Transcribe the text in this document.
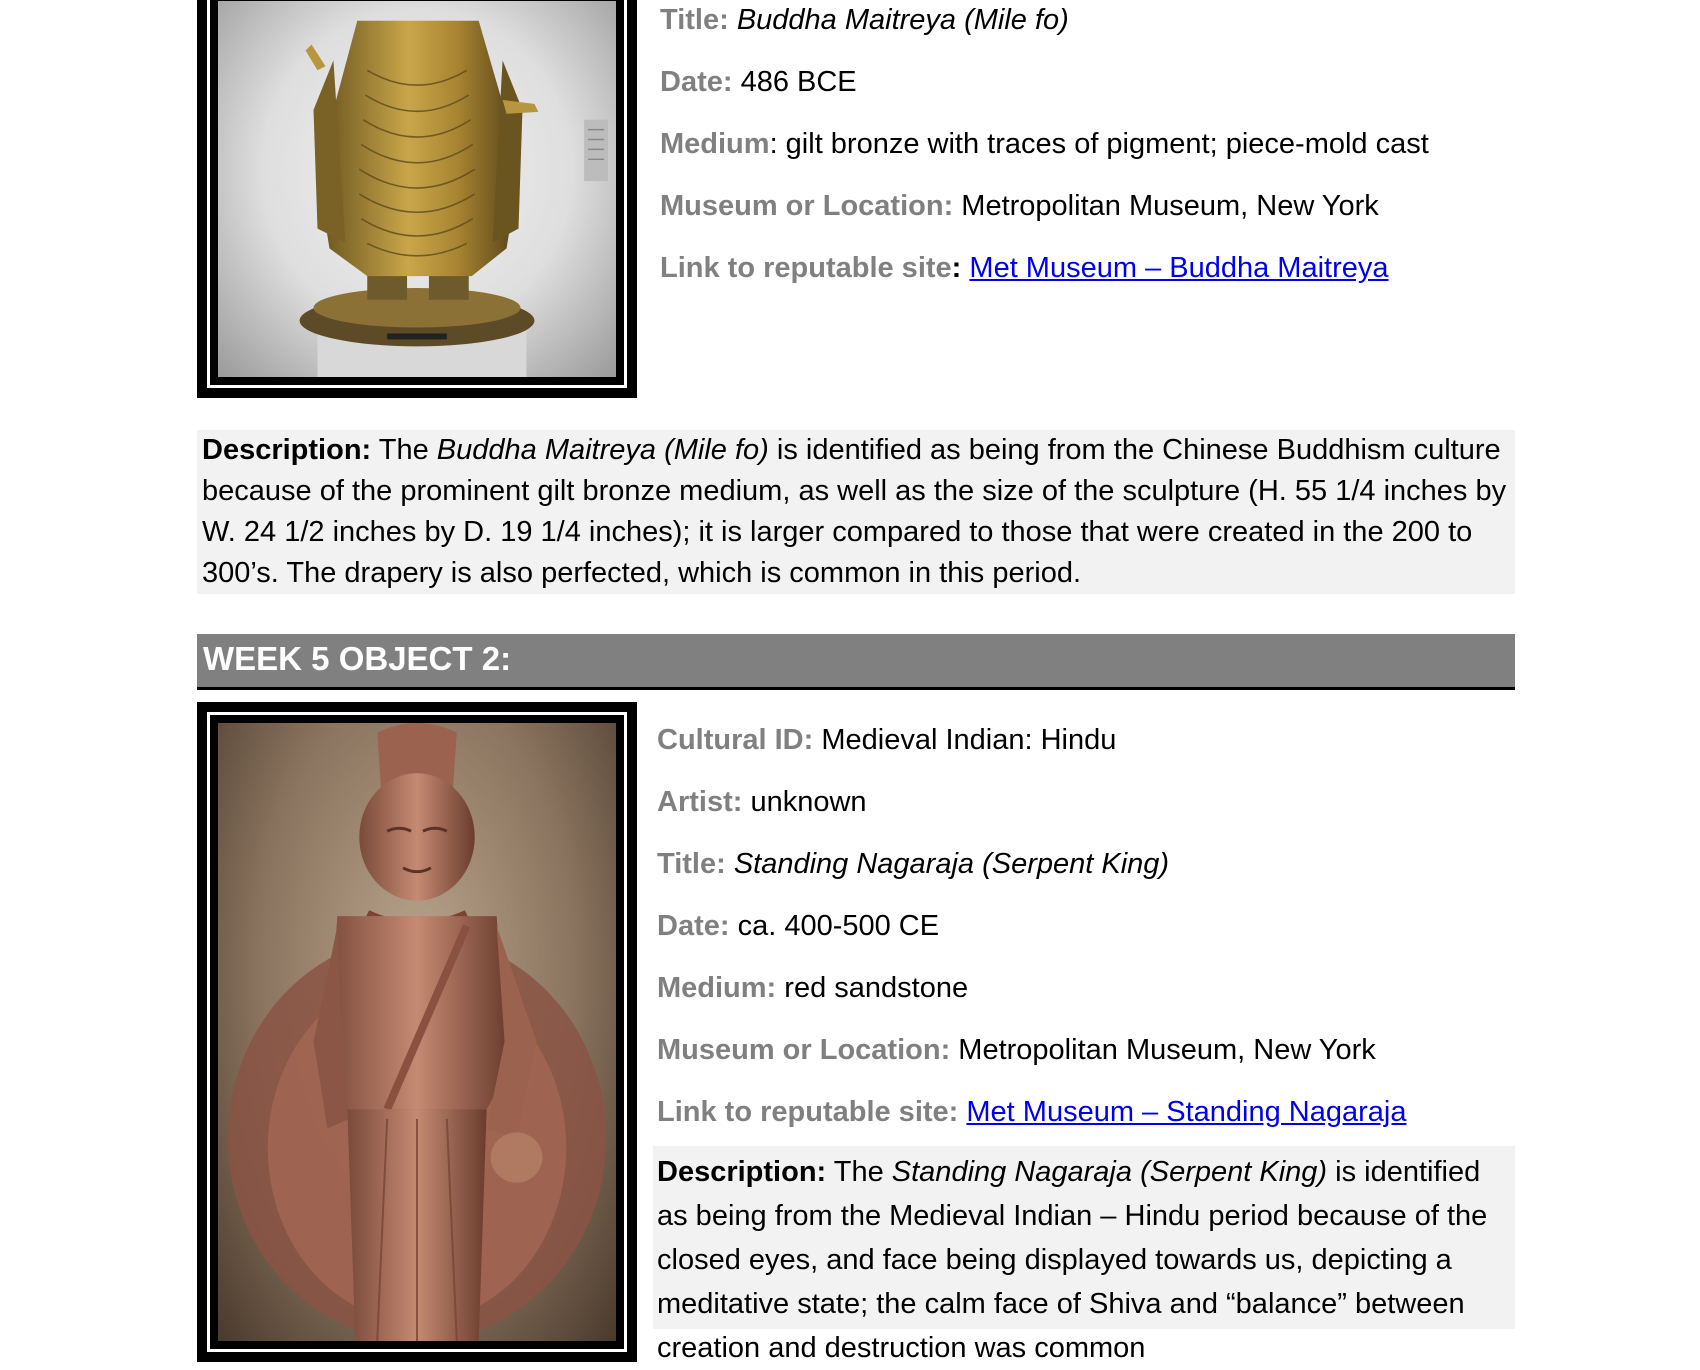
Title: Buddha Maitreya (Mile fo)
Date: 486 BCE
Medium: gilt bronze with traces of pigment; piece-mold cast
Museum or Location: Metropolitan Museum, New York
Link to reputable site: Met Museum – Buddha Maitreya
Description: The Buddha Maitreya (Mile fo) is identified as being from the Chinese Buddhism culture because of the prominent gilt bronze medium, as well as the size of the sculpture (H. 55 1/4 inches by W. 24 1/2 inches by D. 19 1/4 inches); it is larger compared to those that were created in the 200 to 300’s. The drapery is also perfected, which is common in this period.
WEEK 5 OBJECT 2:
Cultural ID: Medieval Indian: Hindu
Artist: unknown
Title: Standing Nagaraja (Serpent King)
Date: ca. 400-500 CE
Medium: red sandstone
Museum or Location: Metropolitan Museum, New York
Link to reputable site: Met Museum – Standing Nagaraja
Description: The Standing Nagaraja (Serpent King) is identified as being from the Medieval Indian – Hindu period because of the closed eyes, and face being displayed towards us, depicting a meditative state; the calm face of Shiva and “balance” between creation and destruction was common
